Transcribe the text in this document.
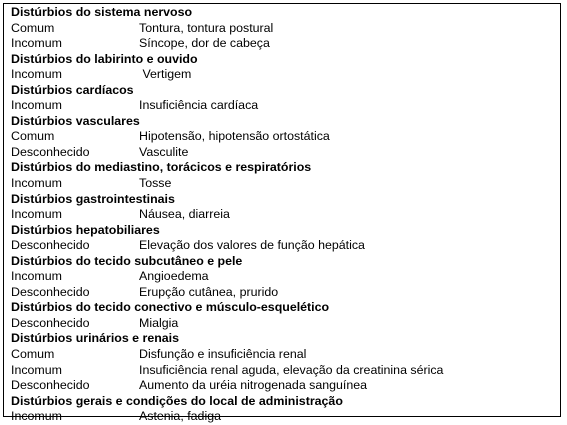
Distúrbios do sistema nervoso
Comum	Tontura, tontura postural
Incomum	Síncope, dor de cabeça
Distúrbios do labirinto e ouvido
Incomum	Vertigem
Distúrbios cardíacos
Incomum	Insuficiência cardíaca
Distúrbios vasculares
Comum	Hipotensão, hipotensão ortostática
Desconhecido	Vasculite
Distúrbios do mediastino, torácicos e respiratórios
Incomum	Tosse
Distúrbios gastrointestinais
Incomum	Náusea, diarreia
Distúrbios hepatobiliares
Desconhecido	Elevação dos valores de função hepática
Distúrbios do tecido subcutâneo e pele
Incomum	Angioedema
Desconhecido	Erupção cutânea, prurido
Distúrbios do tecido conectivo e músculo-esquelético
Desconhecido	Mialgia
Distúrbios urinários e renais
Comum	Disfunção e insuficiência renal
Incomum	Insuficiência renal aguda, elevação da creatinina sérica
Desconhecido	Aumento da uréia nitrogenada sanguínea
Distúrbios gerais e condições do local de administração
Incomum	Astenia, fadiga
